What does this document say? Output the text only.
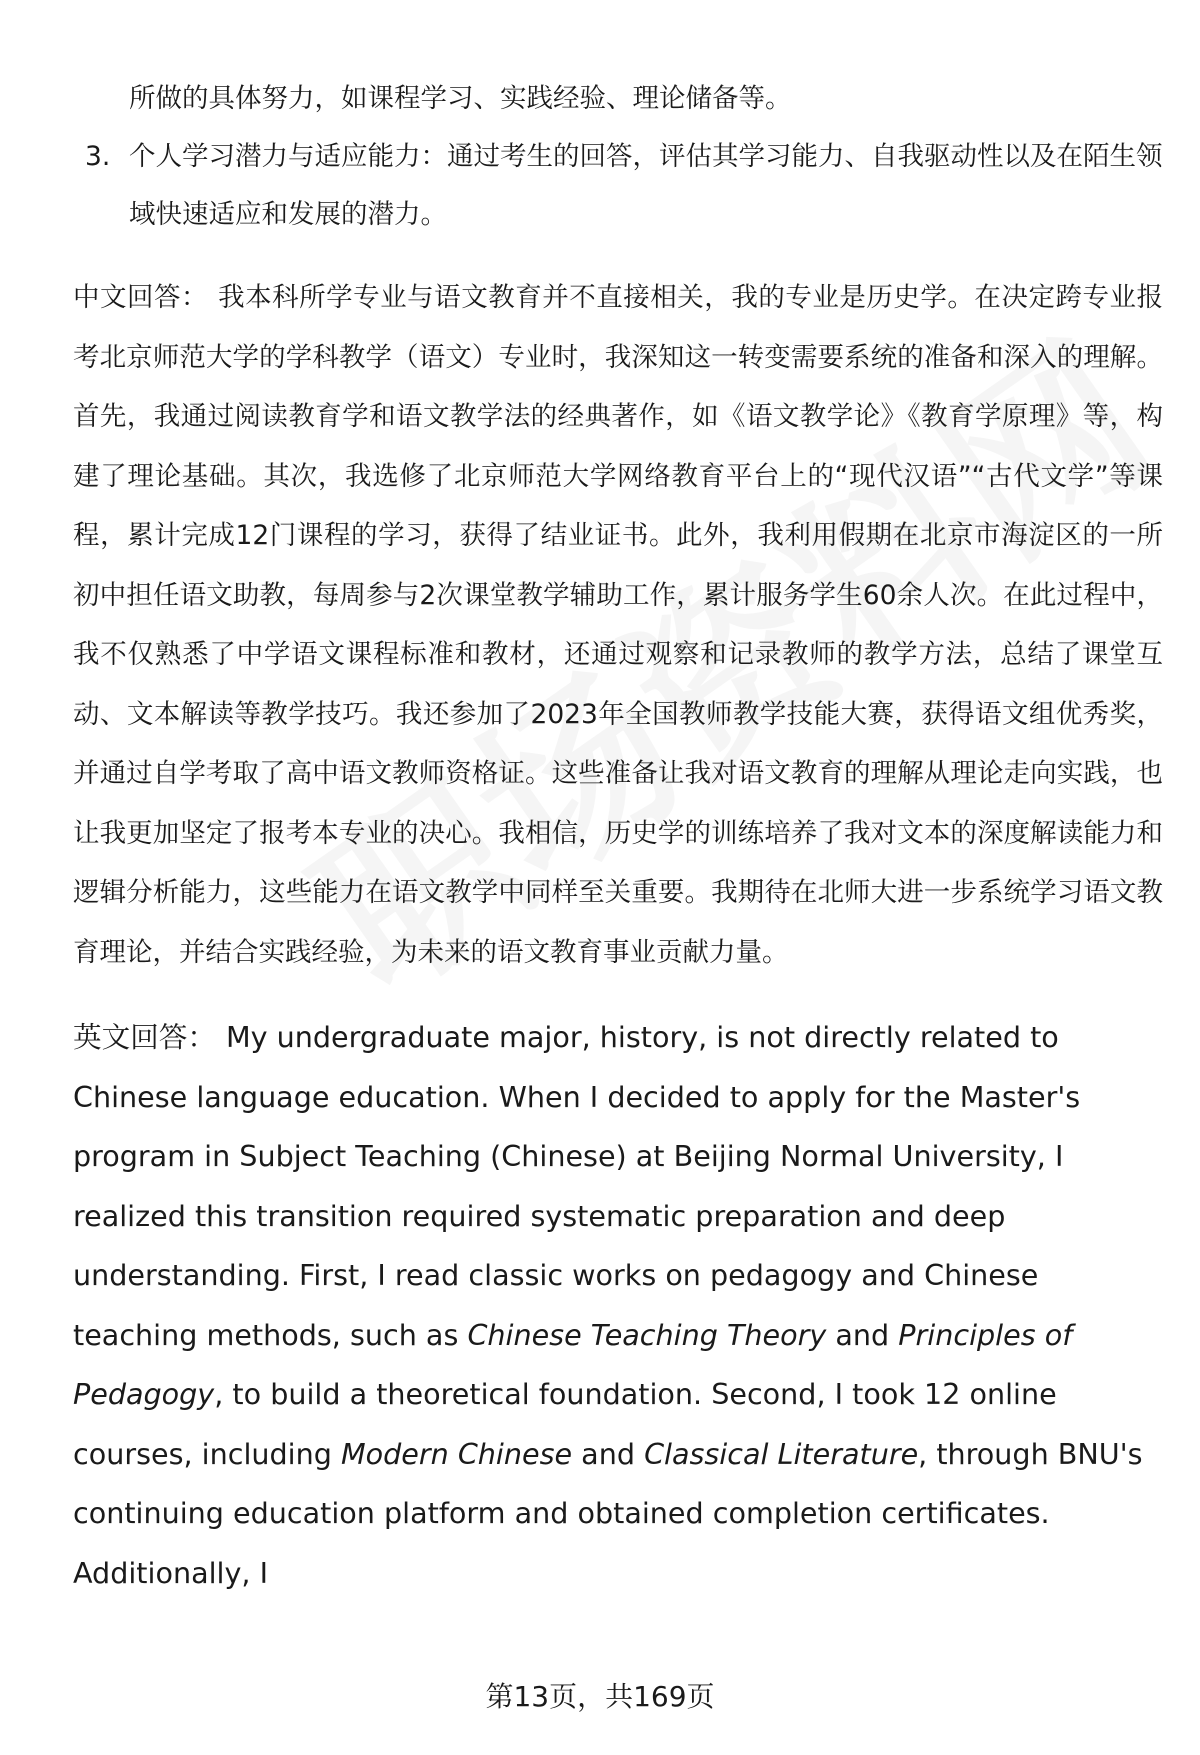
所做的具体努力，如课程学习、实践经验、理论储备等。
3. 个人学习潜力与适应能力：通过考生的回答，评估其学习能力、自我驱动性以及在陌生领域快速适应和发展的潜力。
中文回答： 我本科所学专业与语文教育并不直接相关，我的专业是历史学。在决定跨专业报考北京师范大学的学科教学（语文）专业时，我深知这一转变需要系统的准备和深入的理解。首先，我通过阅读教育学和语文教学法的经典著作，如《语文教学论》《教育学原理》等，构建了理论基础。其次，我选修了北京师范大学网络教育平台上的“现代汉语”“古代文学”等课程，累计完成12门课程的学习，获得了结业证书。此外，我利用假期在北京市海淀区的一所初中担任语文助教，每周参与2次课堂教学辅助工作，累计服务学生60余人次。在此过程中，我不仅熟悉了中学语文课程标准和教材，还通过观察和记录教师的教学方法，总结了课堂互动、文本解读等教学技巧。我还参加了2023年全国教师教学技能大赛，获得语文组优秀奖，并通过自学考取了高中语文教师资格证。这些准备让我对语文教育的理解从理论走向实践，也让我更加坚定了报考本专业的决心。我相信，历史学的训练培养了我对文本的深度解读能力和逻辑分析能力，这些能力在语文教学中同样至关重要。我期待在北师大进一步系统学习语文教育理论，并结合实践经验，为未来的语文教育事业贡献力量。
英文回答： My undergraduate major, history, is not directly related to Chinese language education. When I decided to apply for the Master's program in Subject Teaching (Chinese) at Beijing Normal University, I realized this transition required systematic preparation and deep understanding. First, I read classic works on pedagogy and Chinese teaching methods, such as Chinese Teaching Theory and Principles of Pedagogy, to build a theoretical foundation. Second, I took 12 online courses, including Modern Chinese and Classical Literature, through BNU's continuing education platform and obtained completion certificates. Additionally, I
第13页，共169页
